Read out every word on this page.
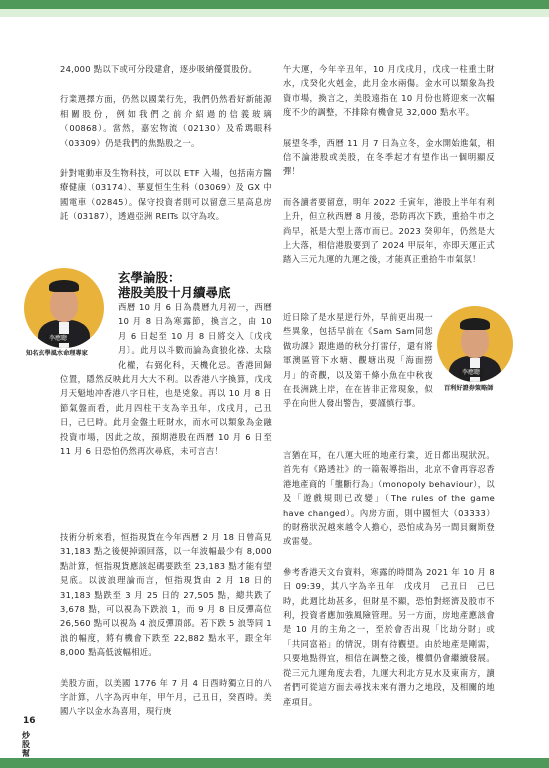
24,000 點以下或可分段建倉，逐步吸納優質股份。

行業選擇方面，仍然以國業行先，我們仍然看好新能源相關股份，例如我們之前介紹過的信義玻璃（00868）。當然，嘉宏物流（02130）及希瑪眼科（03309）仍是我們的焦點股之一。

針對電動車及生物科技，可以以 ETF 入場，包括南方醫療健康（03174）、華夏恒生生科（03069）及 GX 中國電車（02845）。保守投資者則可以留意三星高息房託（03187），透過亞洲 REITs 以守為攻。

李應聰
知名玄學風水命理專家
玄學論股：
港股美股十月續尋底
西曆 10 月 6 日為農曆九月初一，西曆 10 月 8 日為寒露節，換言之，由 10 月 6 日起至 10 月 8 日將交入〔戊戌月〕。此月以斗數而論為貪狼化祿、太陰化權，右弼化科，天機化忌。香港回歸
位置，隱然反映此月大大不利。以香港八字換算，戊戌月天魁地冲香港八字日柱，也是兇象。再以 10 月 8 日節氣盤而看，此月四柱干支為辛丑年，戊戌月，己丑日，己巳時。此月金盤土旺財水，而水可以類象為金融投資市場，因此之故，預期港股在西曆 10 月 6 日至 11 月 6 日恐怕仍然再次尋底，未可言吉！

技術分析來看，恒指現貨在今年西曆 2 月 18 日曾高見 31,183 點之後便掉頭回落，以一年波幅最少有 8,000 點計算，恒指現貨應該起碼要跌至 23,183 點才能有望見底。以波浪理論而言，恒指現貨由 2 月 18 日的 31,183 點跌至 3 月 25 日的 27,505 點，總共跌了 3,678 點，可以視為下跌浪 1，而 9 月 8 日反彈高位 26,560 點可以視為 4 浪反彈頂部。若下跌 5 浪等同 1 浪的幅度，將有機會下跌至 22,882 點水平，跟全年 8,000 點高低波幅相近。

美股方面，以美國 1776 年 7 月 4 日酉時獨立日的八字計算，八字為丙申年，甲午月，己丑日，癸酉時。美國八字以金水為喜用，現行庚

午大運，今年辛丑年，10 月戊戌月，戊戌一柱重土財水，戊癸化火剋金，此月金水兩傷。金水可以類象為投資市場，換言之，美股遠指在 10 月份也將迎來一次幅度不少的調整，不排除有機會見 32,000 點水平。

展望冬季，西曆 11 月 7 日為立冬，金水開始進氣，相信不論港股或美股，在冬季起才有望作出一個明顯反彈！

而各讀者要留意，明年 2022 壬寅年，港股上半年有利上升，但立秋西曆 8 月後，恐防再次下跌，重拾牛市之尚早，祇是大型上落市而已。2023 癸卯年，仍然是大上大落，相信港股要到了 2024 甲辰年，亦即天運正式踏入三元九運的九運之後，才能真正重拾牛市氣氛！

近日除了是水星逆行外，早前更出現一些異象，包括早前在《Sam Sam同您做功課》跟進過的秋分打雷仔，還有將軍澳區管下水塘、觀塘出現「海面撈月」的奇觀，以及第千條小魚在中秋夜在長洲跳上岸，在在皆非正常現象，似乎在向世人發出警告，要謹慎行事。
李應聰
百利好證券策略師

言猶在耳，在八運大旺的地產行業，近日都出現狀況。首先有《路透社》的一篇報導指出，北京不會再容忍香港地產商的「壟斷行為」（monopoly behaviour），以及「遊戲規則已改變」（The rules of the game have changed）。內房方面，則中國恒大（03333）的財務狀況越來越令人擔心，恐怕成為另一間貝爾斯登或雷曼。

參考香港天文台資料，寒露的時間為 2021 年 10 月 8 日 09:39，其八字為辛丑年　戊戌月　己丑日　己巳時，此週比劫甚多，但財星不顯，恐怕對經濟及股市不利，投資者應加強風險管理。另一方面，房地產應該會是 10 月的主角之一，至於會否出現「比劫分財」或「共同富裕」的情況，則有待觀望。由於地產是剛需，只要地點得宜，相信在調整之後，樓價仍會繼續發展。從三元九運角度去看，九運大利北方見水及東南方，讀者們可從這方面去尋找未來有潛力之地段，及相關的地產項目。

16
炒股幫
